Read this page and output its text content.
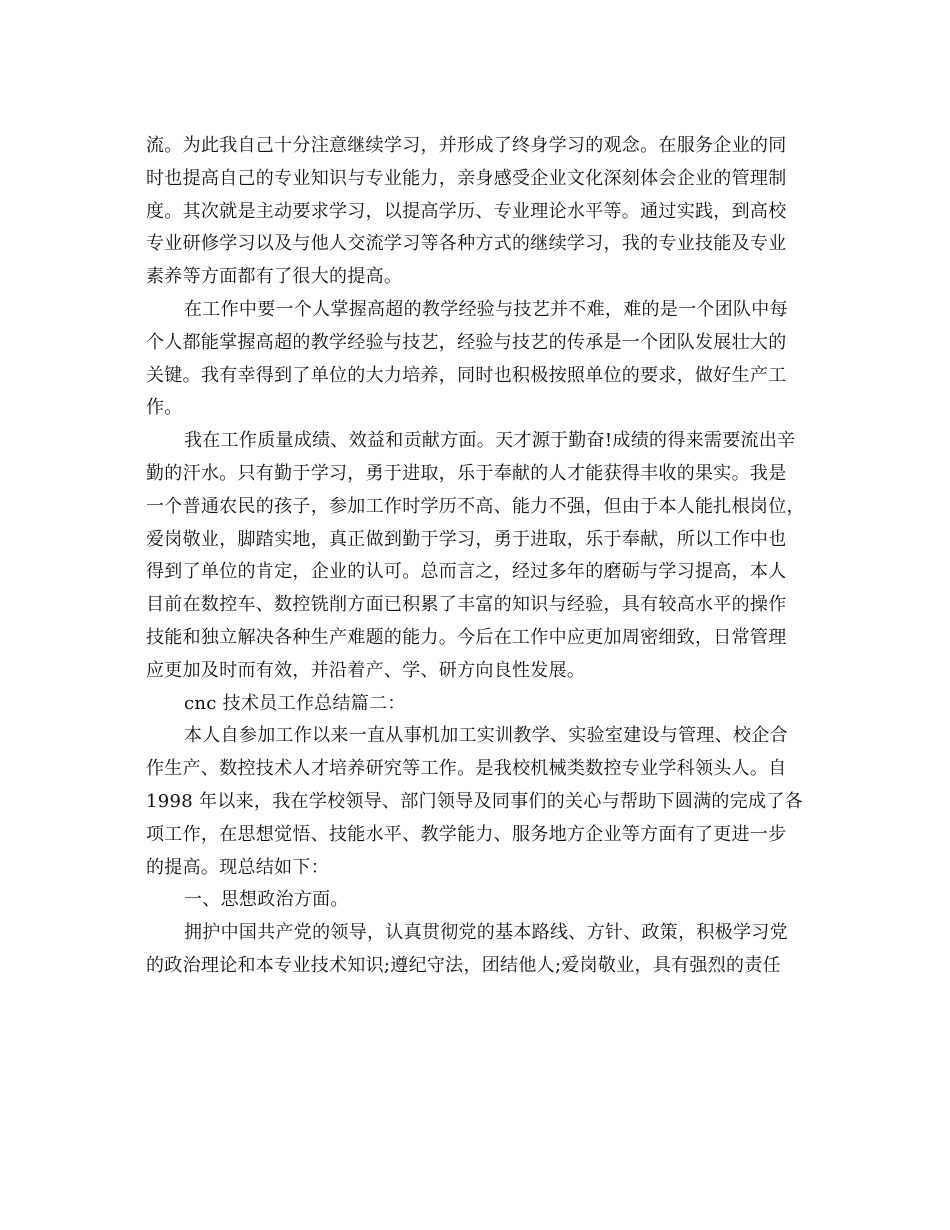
流。为此我自己十分注意继续学习，并形成了终身学习的观念。在服务企业的同
时也提高自己的专业知识与专业能力，亲身感受企业文化深刻体会企业的管理制
度。其次就是主动要求学习，以提高学历、专业理论水平等。通过实践，到高校
专业研修学习以及与他人交流学习等各种方式的继续学习，我的专业技能及专业
素养等方面都有了很大的提高。
在工作中要一个人掌握高超的教学经验与技艺并不难，难的是一个团队中每
个人都能掌握高超的教学经验与技艺，经验与技艺的传承是一个团队发展壮大的
关键。我有幸得到了单位的大力培养，同时也积极按照单位的要求，做好生产工
作。
我在工作质量成绩、效益和贡献方面。天才源于勤奋!成绩的得来需要流出辛
勤的汗水。只有勤于学习，勇于进取，乐于奉献的人才能获得丰收的果实。我是
一个普通农民的孩子，参加工作时学历不高、能力不强，但由于本人能扎根岗位，
爱岗敬业，脚踏实地，真正做到勤于学习，勇于进取，乐于奉献，所以工作中也
得到了单位的肯定，企业的认可。总而言之，经过多年的磨砺与学习提高，本人
目前在数控车、数控铣削方面已积累了丰富的知识与经验，具有较高水平的操作
技能和独立解决各种生产难题的能力。今后在工作中应更加周密细致，日常管理
应更加及时而有效，并沿着产、学、研方向良性发展。
cnc 技术员工作总结篇二：
本人自参加工作以来一直从事机加工实训教学、实验室建设与管理、校企合
作生产、数控技术人才培养研究等工作。是我校机械类数控专业学科领头人。自
1998 年以来，我在学校领导、部门领导及同事们的关心与帮助下圆满的完成了各
项工作，在思想觉悟、技能水平、教学能力、服务地方企业等方面有了更进一步
的提高。现总结如下：
一、思想政治方面。
拥护中国共产党的领导，认真贯彻党的基本路线、方针、政策，积极学习党
的政治理论和本专业技术知识;遵纪守法，团结他人;爱岗敬业，具有强烈的责任
